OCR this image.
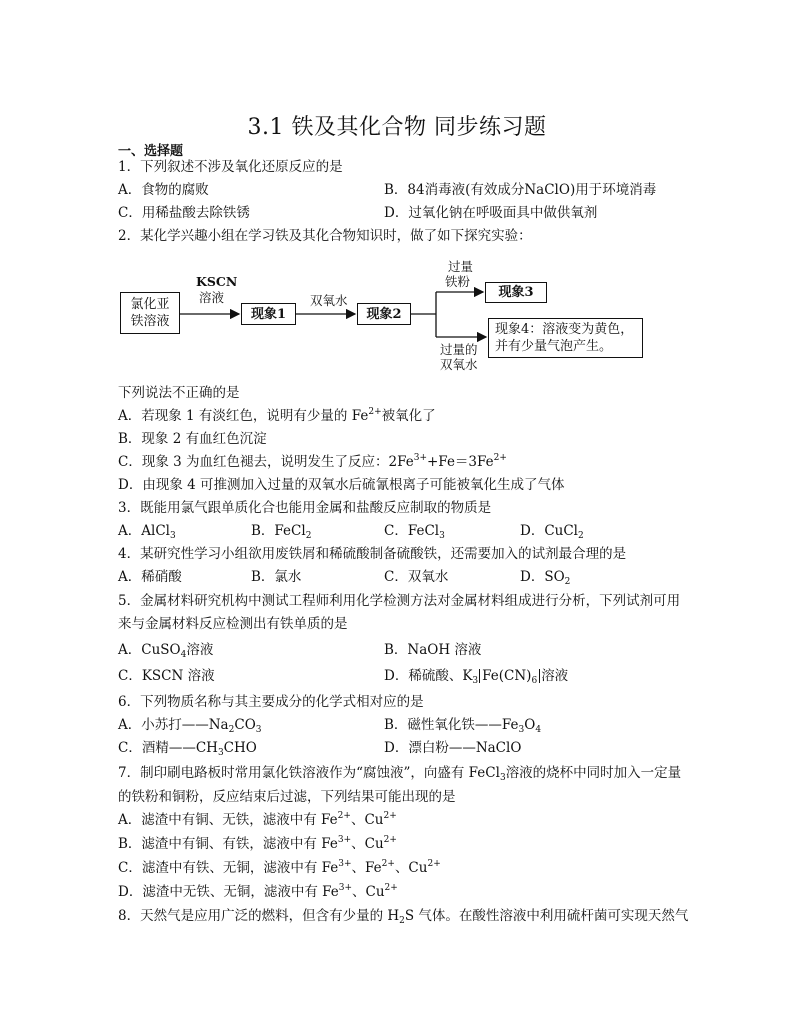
3.1 铁及其化合物 同步练习题
一、选择题
1．下列叙述不涉及氧化还原反应的是
A．食物的腐败	B．84消毒液(有效成分NaClO)用于环境消毒
C．用稀盐酸去除铁锈	D．过氧化钠在呼吸面具中做供氧剂
2．某化学兴趣小组在学习铁及其化合物知识时，做了如下探究实验：
氯化亚
铁溶液
KSCN
溶液
现象1
双氧水
现象2
过量
铁粉
现象3
过量的
双氧水
现象4：溶液变为黄色，
并有少量气泡产生。
下列说法不正确的是
A．若现象 1 有淡红色，说明有少量的 $Fe^{2+}$被氧化了
B．现象 2 有血红色沉淀
C．现象 3 为血红色褪去，说明发生了反应：$2Fe^{3+}+Fe=3Fe^{2+}$
D．由现象 4 可推测加入过量的双氧水后硫氰根离子可能被氧化生成了气体
3．既能用氯气跟单质化合也能用金属和盐酸反应制取的物质是
A．AlCl$_3$	B．FeCl$_2$	C．FeCl$_3$	D．CuCl$_2$
4．某研究性学习小组欲用废铁屑和稀硫酸制备硫酸铁，还需要加入的试剂最合理的是
A．稀硝酸	B．氯水	C．双氧水	D．$SO_2$
5．金属材料研究机构中测试工程师利用化学检测方法对金属材料组成进行分析，下列试剂可用
来与金属材料反应检测出有铁单质的是
A．CuSO$_4$溶液	B．NaOH 溶液
C．KSCN 溶液	D．稀硫酸、$K_3$ $Fe(CN)_6$ 溶液
6．下列物质名称与其主要成分的化学式相对应的是
A．小苏打$——Na_2CO_3$	B．磁性氧化铁$——Fe_3O_4$
C．酒精$——CH_3CHO$	D．漂白粉——NaClO
7．制印刷电路板时常用氯化铁溶液作为“腐蚀液”，向盛有 FeCl$_3$溶液的烧杯中同时加入一定量
的铁粉和铜粉，反应结束后过滤，下列结果可能出现的是
A．滤渣中有铜、无铁，滤液中有 $Fe^{2+}$、$Cu^{2+}$
B．滤渣中有铜、有铁，滤液中有 $Fe^{3+}$、$Cu^{2+}$
C．滤渣中有铁、无铜，滤液中有 $Fe^{3+}$、$Fe^{2+}$、$Cu^{2+}$
D．滤渣中无铁、无铜，滤液中有 $Fe^{3+}$、$Cu^{2+}$
8．天然气是应用广泛的燃料，但含有少量的 $H_2S$ 气体。在酸性溶液中利用硫杆菌可实现天然气
